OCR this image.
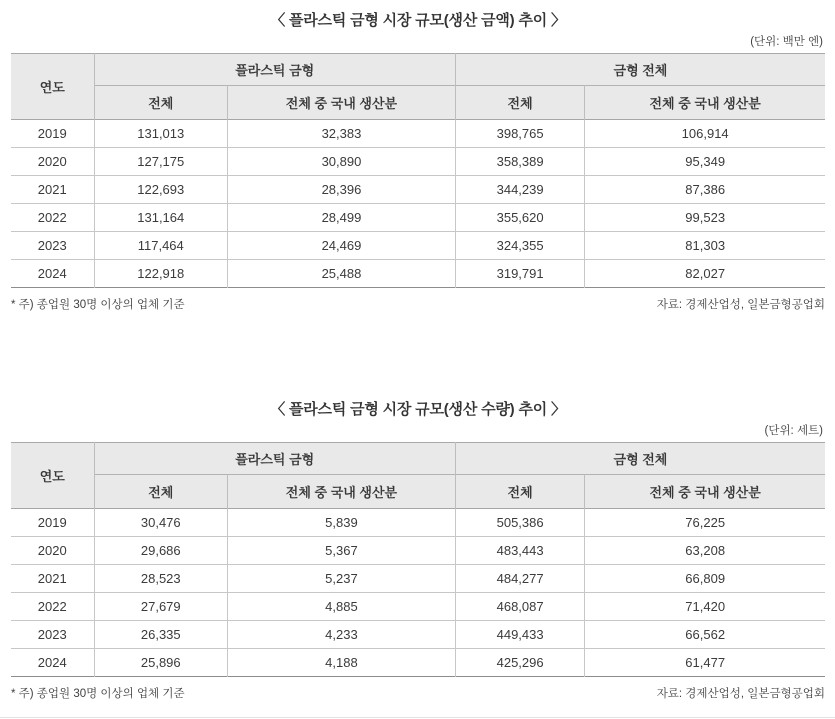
〈 플라스틱 금형 시장 규모(생산 금액) 추이 〉
(단위: 백만 엔)
연도	플라스틱 금형		금형 전체	
	전체	전체 중 국내 생산분	전체	전체 중 국내 생산분
2019	131,013	32,383	398,765	106,914
2020	127,175	30,890	358,389	95,349
2021	122,693	28,396	344,239	87,386
2022	131,164	28,499	355,620	99,523
2023	117,464	24,469	324,355	81,303
2024	122,918	25,488	319,791	82,027
* 주) 종업원 30명 이상의 업체 기준	자료: 경제산업성, 일본금형공업회
〈 플라스틱 금형 시장 규모(생산 수량) 추이 〉
(단위: 세트)
연도	플라스틱 금형		금형 전체	
	전체	전체 중 국내 생산분	전체	전체 중 국내 생산분
2019	30,476	5,839	505,386	76,225
2020	29,686	5,367	483,443	63,208
2021	28,523	5,237	484,277	66,809
2022	27,679	4,885	468,087	71,420
2023	26,335	4,233	449,433	66,562
2024	25,896	4,188	425,296	61,477
* 주) 종업원 30명 이상의 업체 기준	자료: 경제산업성, 일본금형공업회
